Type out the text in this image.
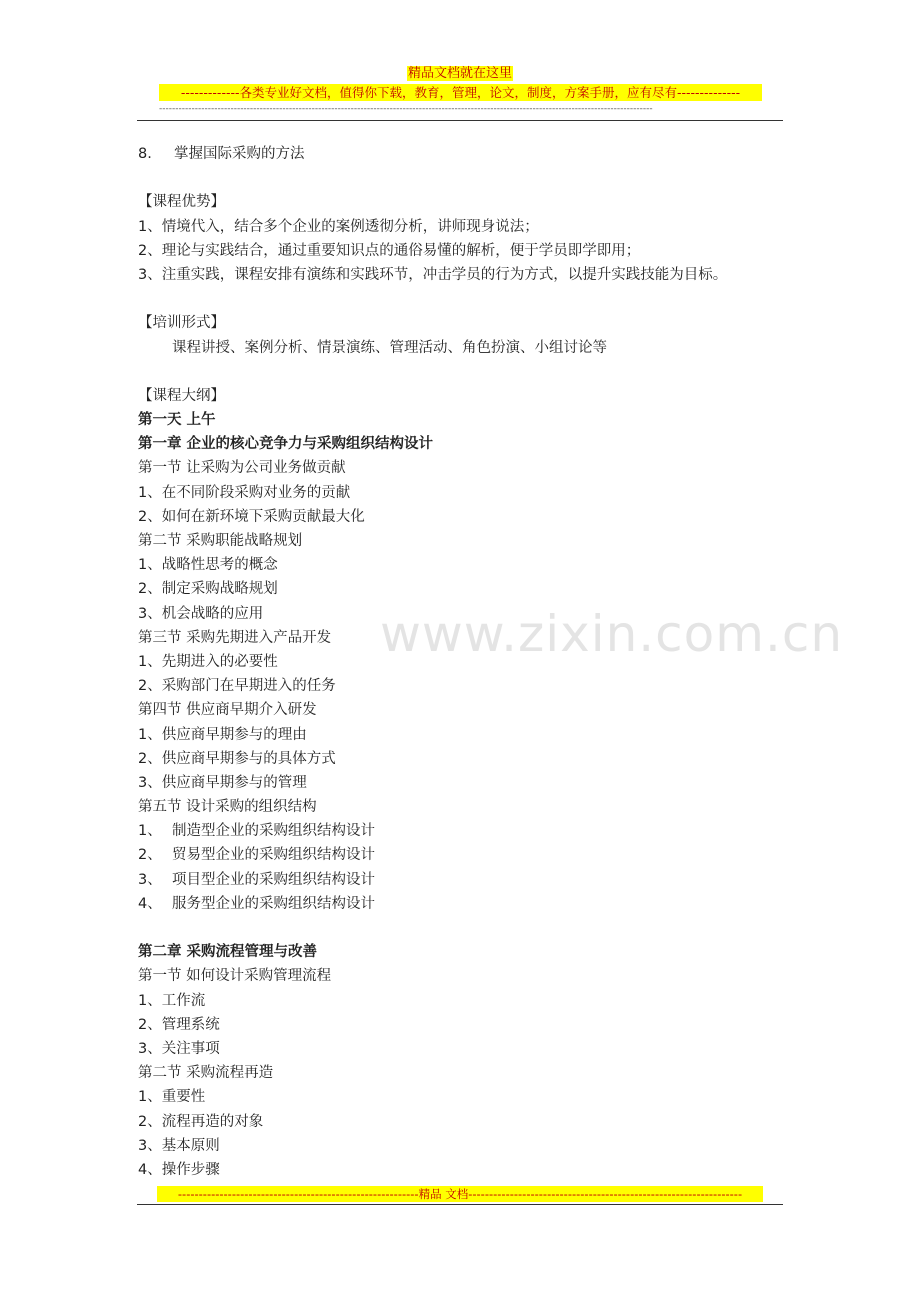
精品文档就在这里
-------------各类专业好文档，值得你下载，教育，管理，论文，制度，方案手册，应有尽有--------------
--------------------------------------------------------------------------------------------------------------------------------------------------------
www.zixin.com.cn
8. 掌握国际采购的方法
【课程优势】
1、情境代入，结合多个企业的案例透彻分析，讲师现身说法；
2、理论与实践结合，通过重要知识点的通俗易懂的解析，便于学员即学即用；
3、注重实践，课程安排有演练和实践环节，冲击学员的行为方式，以提升实践技能为目标。
【培训形式】
课程讲授、案例分析、情景演练、管理活动、角色扮演、小组讨论等
【课程大纲】
第一天 上午
第一章 企业的核心竞争力与采购组织结构设计
第一节 让采购为公司业务做贡献
1、在不同阶段采购对业务的贡献
2、如何在新环境下采购贡献最大化
第二节 采购职能战略规划
1、战略性思考的概念
2、制定采购战略规划
3、机会战略的应用
第三节 采购先期进入产品开发
1、先期进入的必要性
2、采购部门在早期进入的任务
第四节 供应商早期介入研发
1、供应商早期参与的理由
2、供应商早期参与的具体方式
3、供应商早期参与的管理
第五节 设计采购的组织结构
1、 制造型企业的采购组织结构设计
2、 贸易型企业的采购组织结构设计
3、 项目型企业的采购组织结构设计
4、 服务型企业的采购组织结构设计
第二章 采购流程管理与改善
第一节 如何设计采购管理流程
1、工作流
2、管理系统
3、关注事项
第二节 采购流程再造
1、重要性
2、流程再造的对象
3、基本原则
4、操作步骤
----------------------------------------------------------精品 文档------------------------------------------------------------------
